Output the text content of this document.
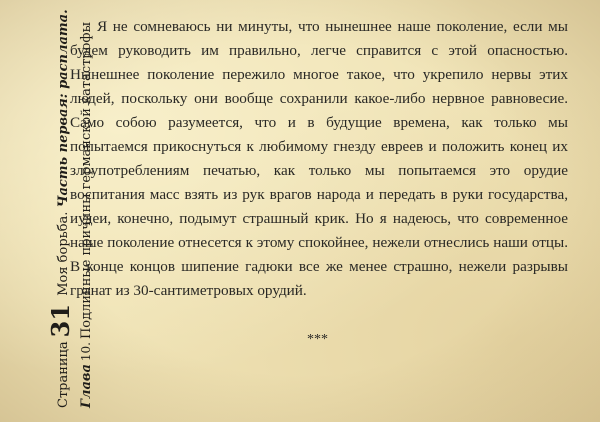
Страница31 Моя борьба. Часть первая: расплата.
Глава10.Подлинные причины германской катастрофы Я не сомневаюсь ни минуты, что нынешнее наше поколение, если мы будем руководить им правильно, легче справится с этой опасностью. Нынешнее поколение пережило многое такое, что укрепило нервы этих людей, поскольку они вообще сохранили какое-либо нервное равновесие. Само собою разумеется, что и в будущие времена, как только мы попытаемся прикоснуться к любимому гнезду евреев и положить конец их злоупотреблениям печатью, как только мы попытаемся это орудие воспитания масс взять из рук врагов народа и передать в руки государства, иудеи, конечно, подымут страшный крик. Но я надеюсь, что современное наше поколение отнесется к этому спокойнее, нежели отнеслись наши отцы. В конце концов шипение гадюки все же менее страшно, нежели разрывы гранат из 30-сантиметровых орудий.

***
